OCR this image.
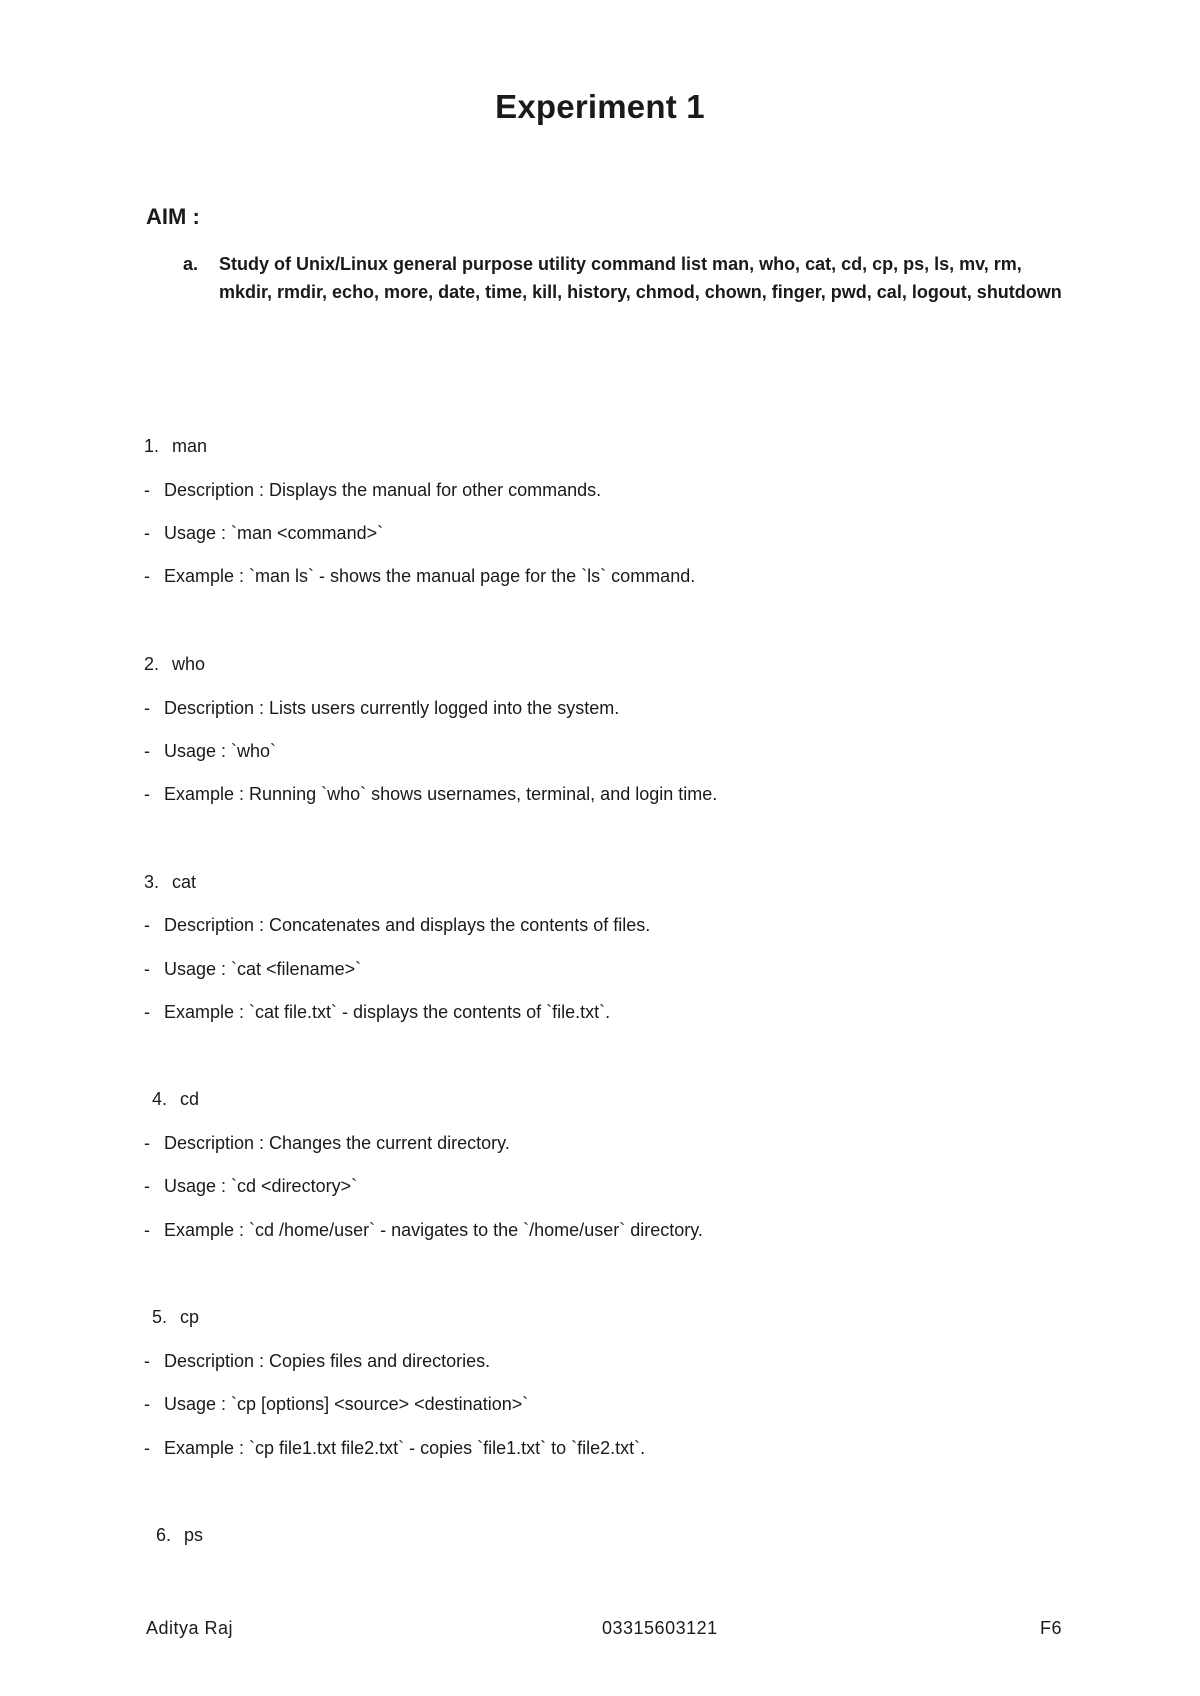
Experiment 1
AIM :
a. Study of Unix/Linux general purpose utility command list man, who, cat, cd, cp, ps, ls, mv, rm, mkdir, rmdir, echo, more, date, time, kill, history, chmod, chown, finger, pwd, cal, logout, shutdown
1. man
- Description : Displays the manual for other commands.
- Usage : `man <command>`
- Example : `man ls` - shows the manual page for the `ls` command.
2. who
- Description : Lists users currently logged into the system.
- Usage : `who`
- Example : Running `who` shows usernames, terminal, and login time.
3. cat
- Description : Concatenates and displays the contents of files.
- Usage : `cat <filename>`
- Example : `cat file.txt` - displays the contents of `file.txt`.
4. cd
- Description : Changes the current directory.
- Usage : `cd <directory>`
- Example : `cd /home/user` - navigates to the `/home/user` directory.
5. cp
- Description : Copies files and directories.
- Usage : `cp [options] <source> <destination>`
- Example : `cp file1.txt file2.txt` - copies `file1.txt` to `file2.txt`.
6. ps
Aditya Raj	03315603121	F6
